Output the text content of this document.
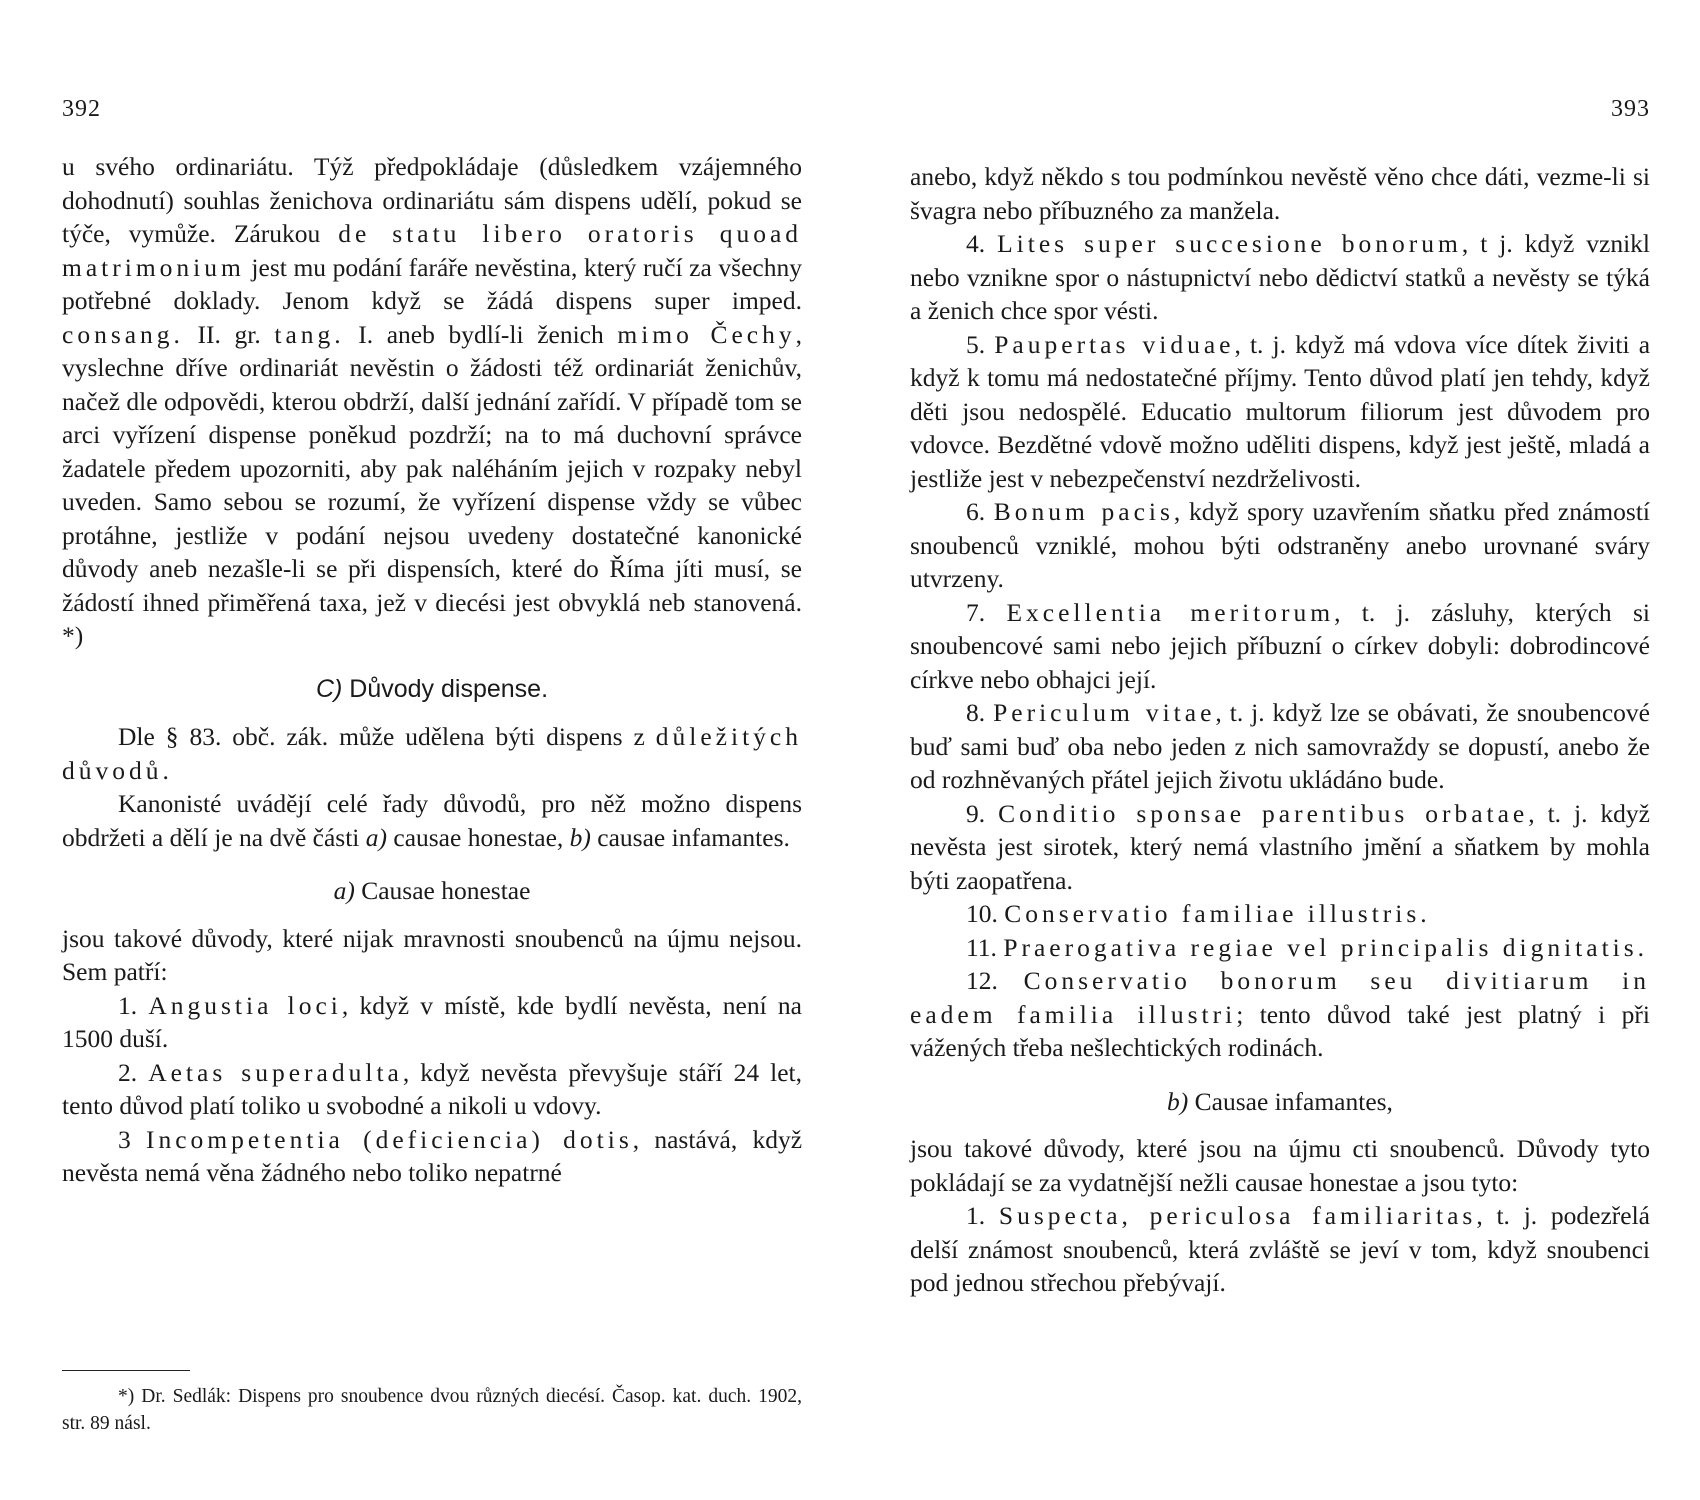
392

u svého ordinariátu. Týž předpokládaje (důsledkem vzájemného dohodnutí) souhlas ženichova ordinariátu sám dispens udělí, pokud se týče, vymůže. Zárukou de statu libero oratoris quoad matrimonium jest mu podání faráře nevěstina, který ručí za všechny potřebné doklady. Jenom když se žádá dispens super imped. consang. II. gr. tang. I. aneb bydlí-li ženich mimo Čechy, vyslechne dříve ordinariát nevěstin o žádosti též ordinariát ženichův, načež dle odpovědi, kterou obdrží, další jednání zařídí. V případě tom se arci vyřízení dispense poněkud pozdrží; na to má duchovní správce žadatele předem upozorniti, aby pak naléháním jejich v rozpaky nebyl uveden. Samo sebou se rozumí, že vyřízení dispense vždy se vůbec protáhne, jestliže v podání nejsou uvedeny dostatečné kanonické důvody aneb nezašle-li se při dispensích, které do Říma jíti musí, se žádostí ihned přiměřená taxa, jež v diecési jest obvyklá neb stanovená. *)

C) Důvody dispense.

Dle § 83. obč. zák. může udělena býti dispens z důležitých důvodů.

Kanonisté uvádějí celé řady důvodů, pro něž možno dispens obdržeti a dělí je na dvě části a) causae honestae, b) causae infamantes.

a) Causae honestae

jsou takové důvody, které nijak mravnosti snoubenců na újmu nejsou. Sem patří:

1. Angustia loci, když v místě, kde bydlí nevěsta, není na 1500 duší.

2. Aetas superadulta, když nevěsta převyšuje stáří 24 let, tento důvod platí toliko u svobodné a nikoli u vdovy.

3 Incompetentia (deficiencia) dotis, nastává, když nevěsta nemá věna žádného nebo toliko nepatrné

*) Dr. Sedlák: Dispens pro snoubence dvou různých diecésí. Časop. kat. duch. 1902, str. 89 násl.

393

anebo, když někdo s tou podmínkou nevěstě věno chce dáti, vezme-li si švagra nebo příbuzného za manžela.

4. Lites super succesione bonorum, t j. když vznikl nebo vznikne spor o nástupnictví nebo dědictví statků a nevěsty se týká a ženich chce spor vésti.

5. Paupertas viduae, t. j. když má vdova více dítek živiti a když k tomu má nedostatečné příjmy. Tento důvod platí jen tehdy, když děti jsou nedospělé. Educatio multorum filiorum jest důvodem pro vdovce. Bezdětné vdově možno uděliti dispens, když jest ještě, mladá a jestliže jest v nebezpečenství nezdrželivosti.

6. Bonum pacis, když spory uzavřením sňatku před známostí snoubenců vzniklé, mohou býti odstraněny anebo urovnané sváry utvrzeny.

7. Excellentia meritorum, t. j. zásluhy, kterých si snoubencové sami nebo jejich příbuzní o církev dobyli: dobrodincové církve nebo obhajci její.

8. Periculum vitae, t. j. když lze se obávati, že snoubencové buď sami buď oba nebo jeden z nich samovraždy se dopustí, anebo že od rozhněvaných přátel jejich životu ukládáno bude.

9. Conditio sponsae parentibus orbatae, t. j. když nevěsta jest sirotek, který nemá vlastního jmění a sňatkem by mohla býti zaopatřena.

10. Conservatio familiae illustris.

11. Praerogativa regiae vel principalis dignitatis.

12. Conservatio bonorum seu divitiarum in eadem familia illustri; tento důvod také jest platný i při vážených třeba nešlechtických rodinách.

b) Causae infamantes,

jsou takové důvody, které jsou na újmu cti snoubenců. Důvody tyto pokládají se za vydatnější nežli causae honestae a jsou tyto:

1. Suspecta, periculosa familiaritas, t. j. podezřelá delší známost snoubenců, která zvláště se jeví v tom, když snoubenci pod jednou střechou přebývají.
